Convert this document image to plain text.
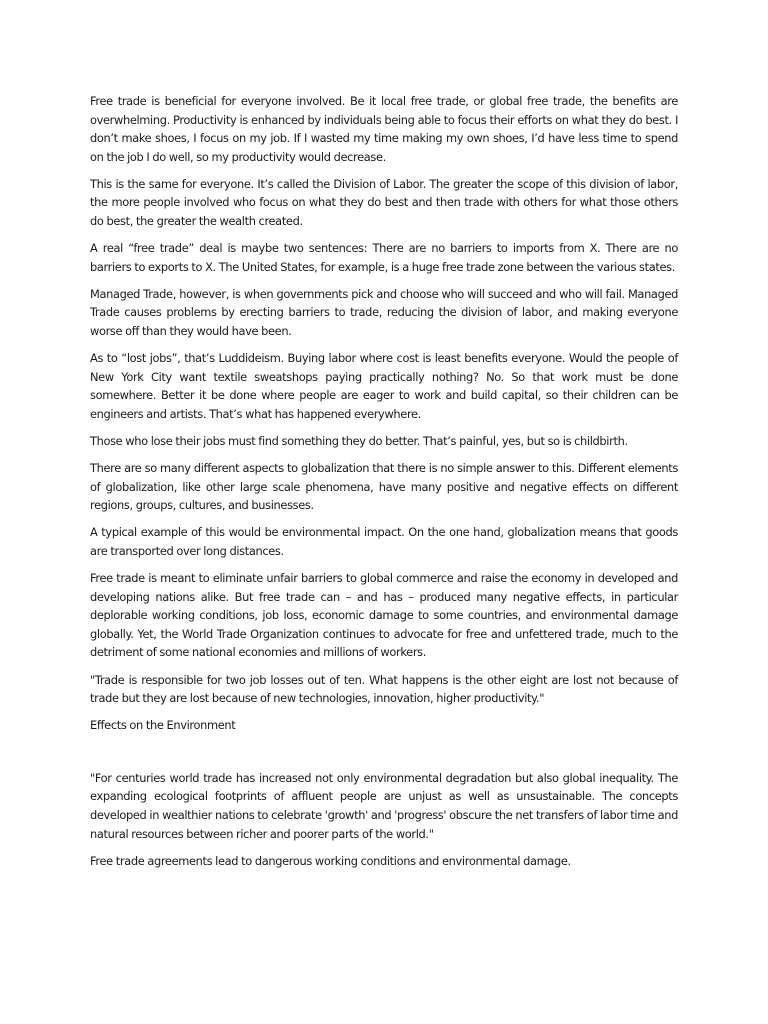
Free trade is beneficial for everyone involved. Be it local free trade, or global free trade, the benefits are overwhelming. Productivity is enhanced by individuals being able to focus their efforts on what they do best. I don’t make shoes, I focus on my job. If I wasted my time making my own shoes, I’d have less time to spend on the job I do well, so my productivity would decrease.

This is the same for everyone. It’s called the Division of Labor. The greater the scope of this division of labor, the more people involved who focus on what they do best and then trade with others for what those others do best, the greater the wealth created.

A real “free trade” deal is maybe two sentences: There are no barriers to imports from X. There are no barriers to exports to X. The United States, for example, is a huge free trade zone between the various states.

Managed Trade, however, is when governments pick and choose who will succeed and who will fail. Managed Trade causes problems by erecting barriers to trade, reducing the division of labor, and making everyone worse off than they would have been.

As to “lost jobs”, that’s Luddideism. Buying labor where cost is least benefits everyone. Would the people of New York City want textile sweatshops paying practically nothing? No. So that work must be done somewhere. Better it be done where people are eager to work and build capital, so their children can be engineers and artists. That’s what has happened everywhere.

Those who lose their jobs must find something they do better. That’s painful, yes, but so is childbirth.

There are so many different aspects to globalization that there is no simple answer to this. Different elements of globalization, like other large scale phenomena, have many positive and negative effects on different regions, groups, cultures, and businesses.

A typical example of this would be environmental impact. On the one hand, globalization means that goods are transported over long distances.

Free trade is meant to eliminate unfair barriers to global commerce and raise the economy in developed and developing nations alike. But free trade can – and has – produced many negative effects, in particular deplorable working conditions, job loss, economic damage to some countries, and environmental damage globally. Yet, the World Trade Organization continues to advocate for free and unfettered trade, much to the detriment of some national economies and millions of workers.

"Trade is responsible for two job losses out of ten. What happens is the other eight are lost not because of trade but they are lost because of new technologies, innovation, higher productivity."

Effects on the Environment

"For centuries world trade has increased not only environmental degradation but also global inequality. The expanding ecological footprints of affluent people are unjust as well as unsustainable. The concepts developed in wealthier nations to celebrate 'growth' and 'progress' obscure the net transfers of labor time and natural resources between richer and poorer parts of the world."

Free trade agreements lead to dangerous working conditions and environmental damage.
